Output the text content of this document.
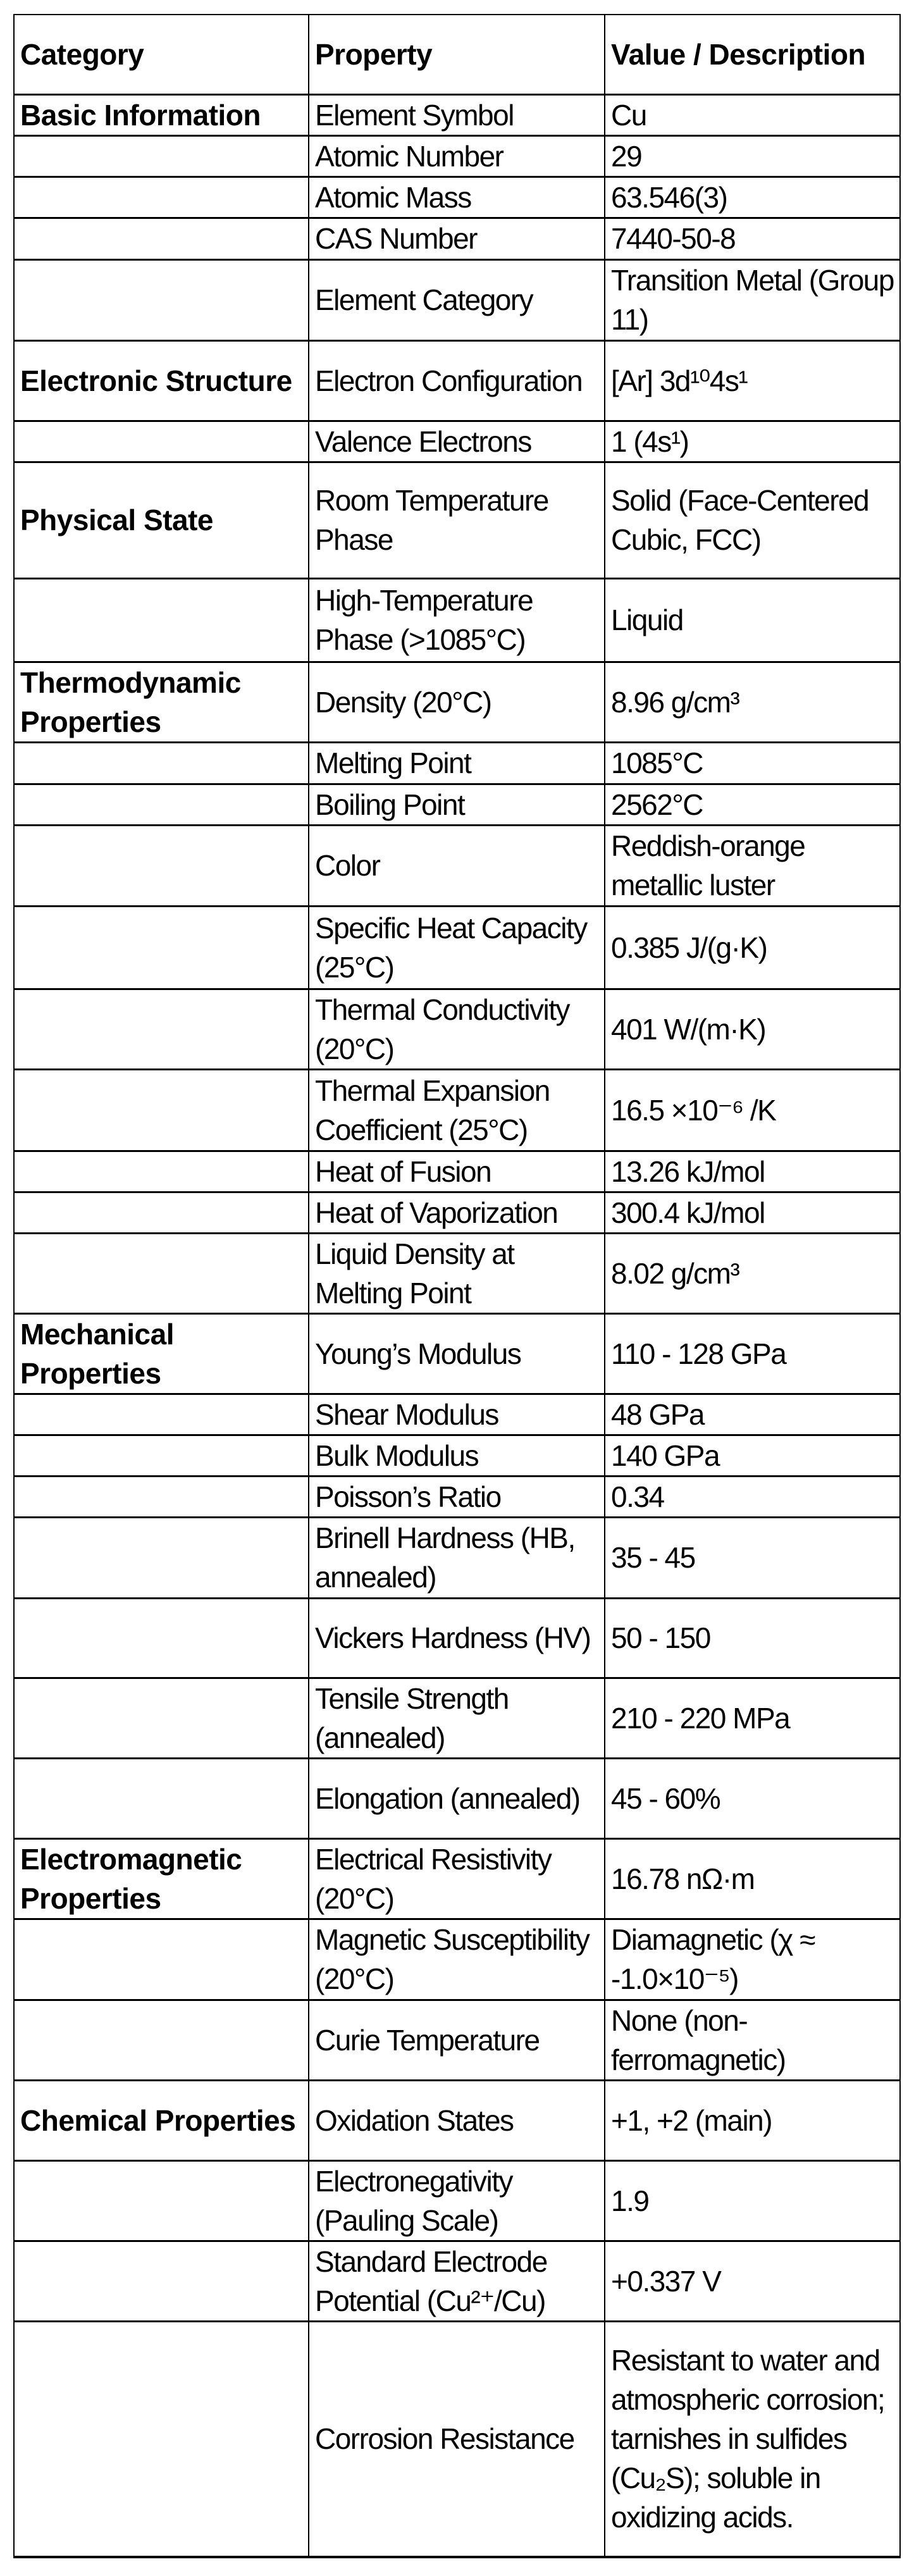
Category	Property	Value / Description
Basic Information	Element Symbol	Cu
	Atomic Number	29
	Atomic Mass	63.546(3)
	CAS Number	7440-50-8
	Element Category	Transition Metal (Group 11)
Electronic Structure	Electron Configuration	[Ar] 3d¹⁰4s¹
	Valence Electrons	1 (4s¹)
Physical State	Room Temperature Phase	Solid (Face-Centered Cubic, FCC)
	High-Temperature Phase (>1085°C)	Liquid
Thermodynamic Properties	Density (20°C)	8.96 g/cm³
	Melting Point	1085°C
	Boiling Point	2562°C
	Color	Reddish-orange metallic luster
	Specific Heat Capacity (25°C)	0.385 J/(g·K)
	Thermal Conductivity (20°C)	401 W/(m·K)
	Thermal Expansion Coefficient (25°C)	16.5 ×10⁻⁶ /K
	Heat of Fusion	13.26 kJ/mol
	Heat of Vaporization	300.4 kJ/mol
	Liquid Density at Melting Point	8.02 g/cm³
Mechanical Properties	Young’s Modulus	110 - 128 GPa
	Shear Modulus	48 GPa
	Bulk Modulus	140 GPa
	Poisson’s Ratio	0.34
	Brinell Hardness (HB, annealed)	35 - 45
	Vickers Hardness (HV)	50 - 150
	Tensile Strength (annealed)	210 - 220 MPa
	Elongation (annealed)	45 - 60%
Electromagnetic Properties	Electrical Resistivity (20°C)	16.78 nΩ·m
	Magnetic Susceptibility (20°C)	Diamagnetic (χ ≈ -1.0×10⁻⁵)
	Curie Temperature	None (non-ferromagnetic)
Chemical Properties	Oxidation States	+1, +2 (main)
	Electronegativity (Pauling Scale)	1.9
	Standard Electrode Potential (Cu²⁺/Cu)	+0.337 V
	Corrosion Resistance	Resistant to water and atmospheric corrosion; tarnishes in sulfides (Cu₂S); soluble in oxidizing acids.
